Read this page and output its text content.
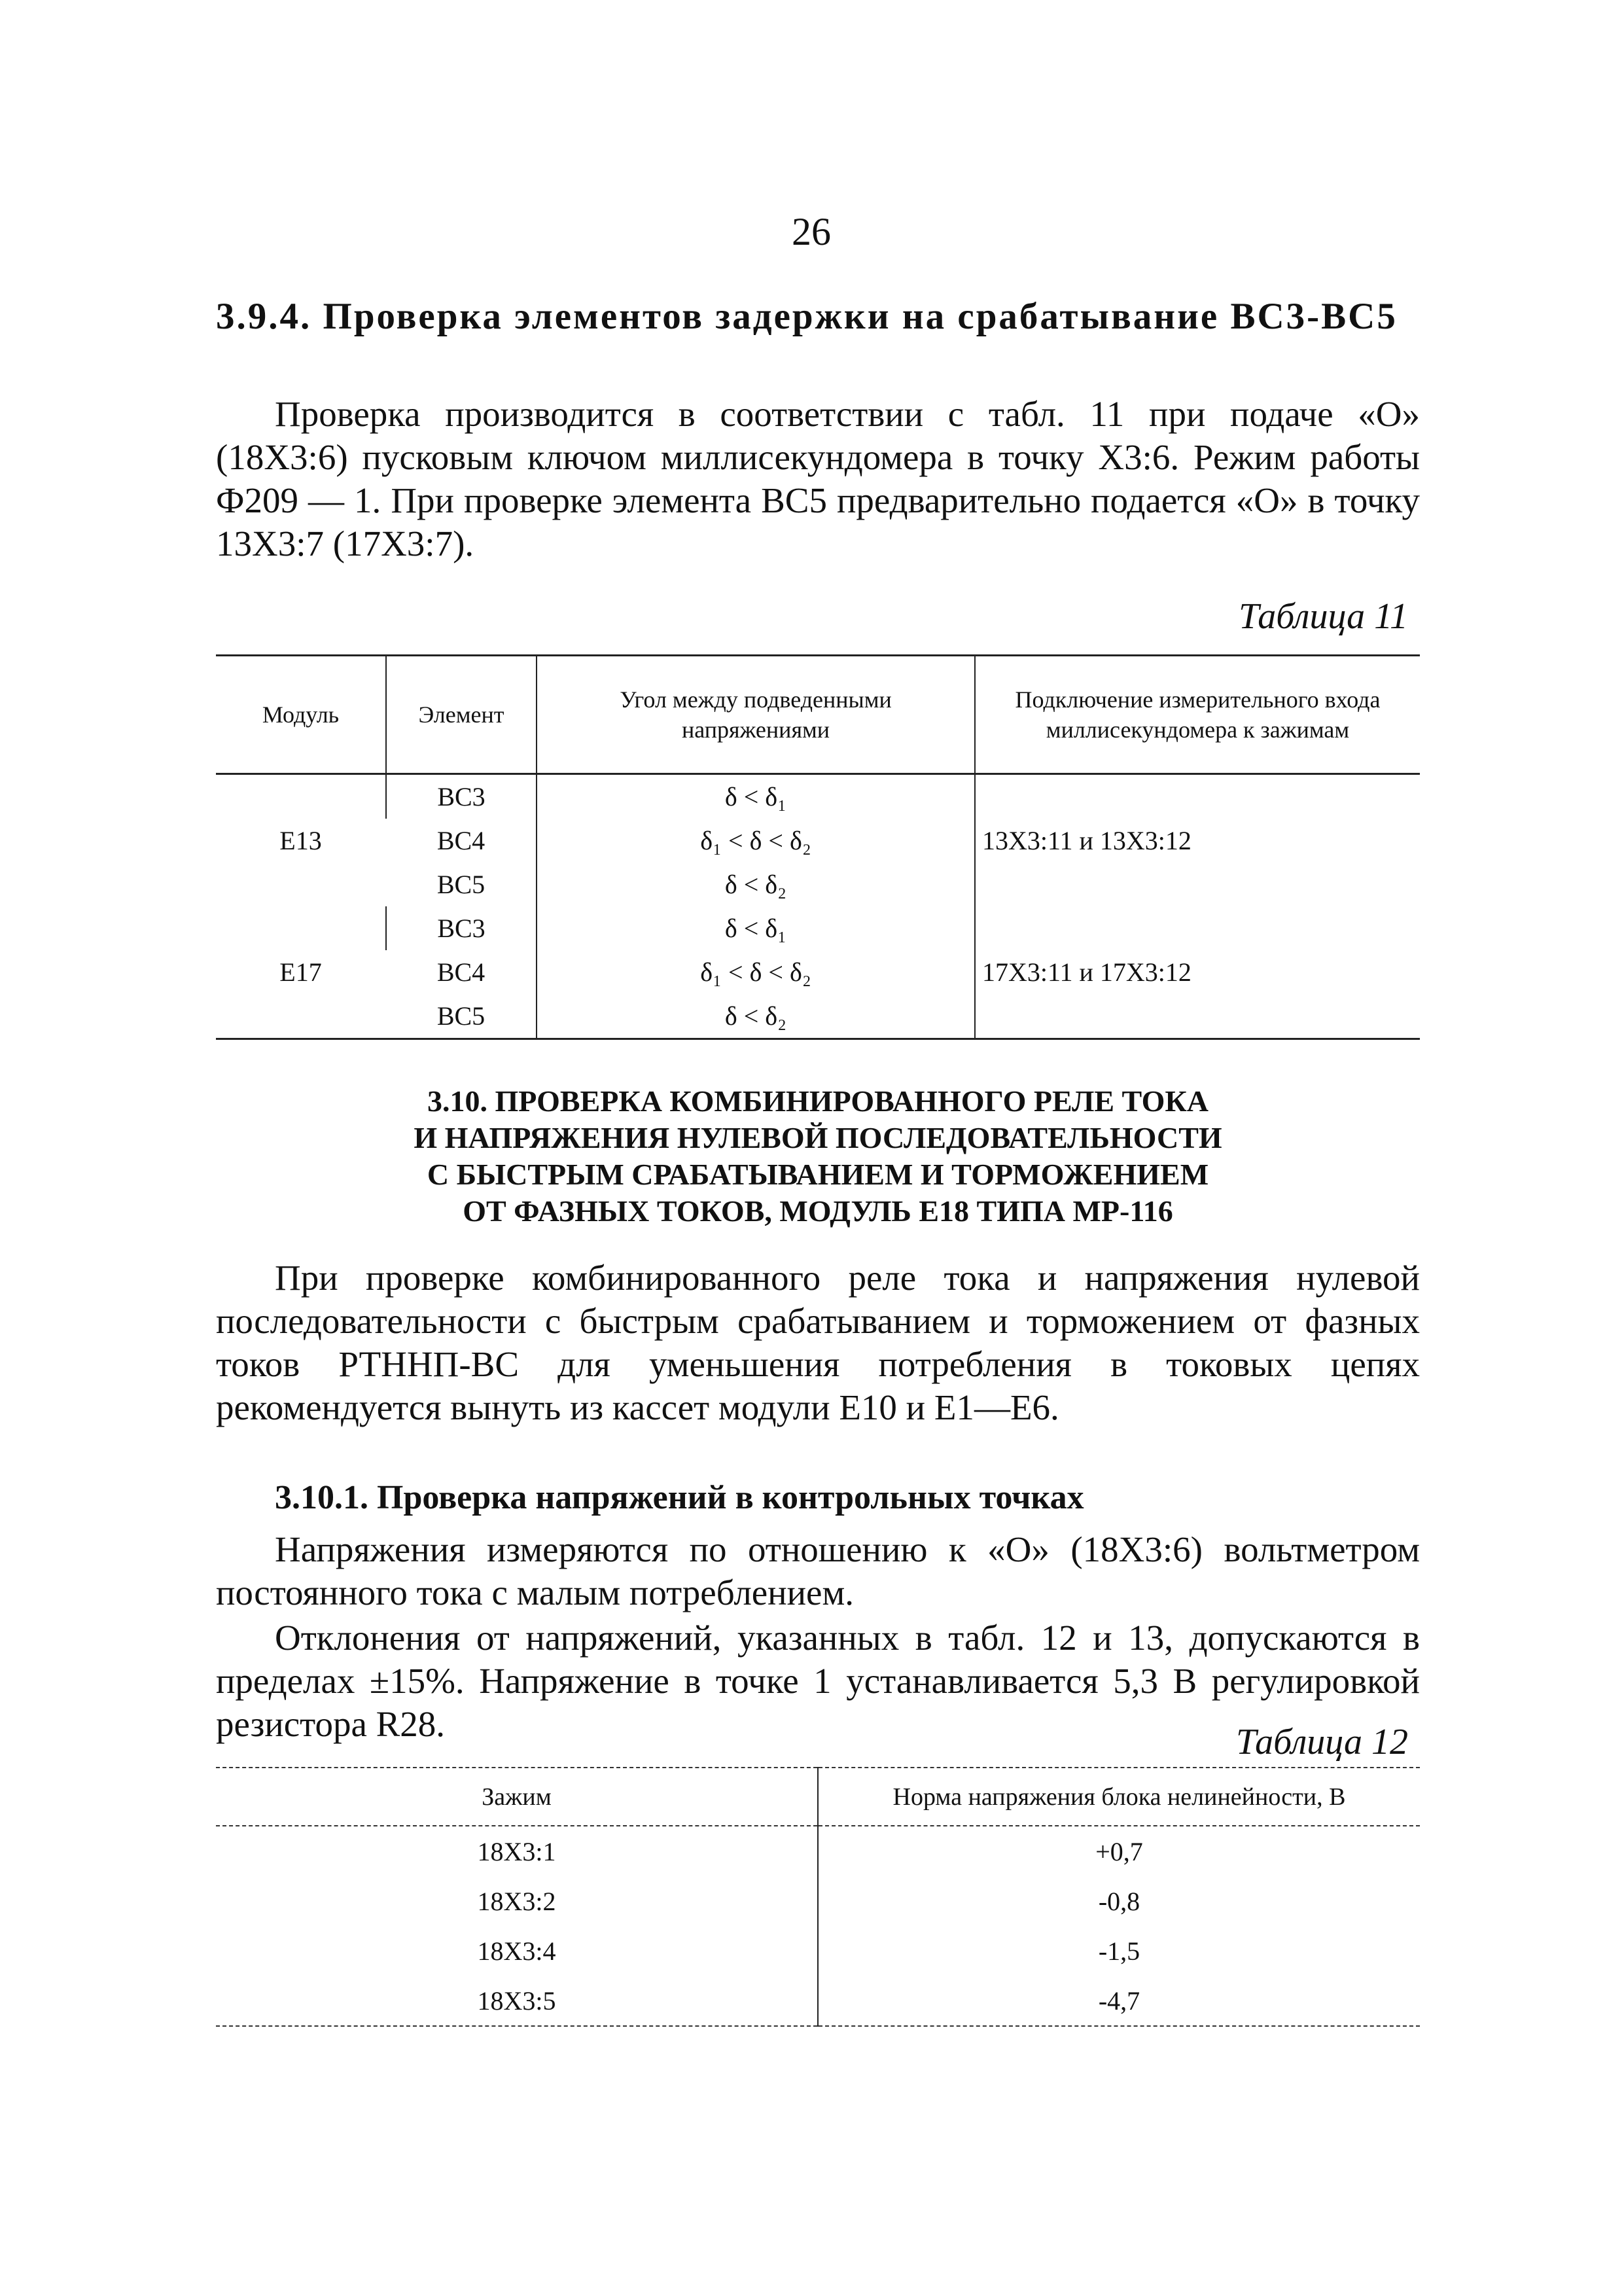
26
3.9.4. Проверка элементов задержки на срабатывание ВС3-ВС5

Проверка производится в соответствии с табл. 11 при подаче «О» (18Х3:6) пусковым ключом миллисекундомера в точку Х3:6. Режим работы Ф209 — 1. При проверке элемента ВС5 предварительно подается «О» в точку 13Х3:7 (17Х3:7).

Таблица 11
Модуль	Элемент	Угол между подведенными напряжениями	Подключение измерительного входа миллисекундомера к зажимам
Е13	ВС3	δ < δ₁	13Х3:11 и 13Х3:12
	ВС4	δ₁ < δ < δ₂	
	ВС5	δ < δ₂	
Е17	ВС3	δ < δ₁	17Х3:11 и 17Х3:12
	ВС4	δ₁ < δ < δ₂	
	ВС5	δ < δ₂	
3.10. ПРОВЕРКА КОМБИНИРОВАННОГО РЕЛЕ ТОКА
И НАПРЯЖЕНИЯ НУЛЕВОЙ ПОСЛЕДОВАТЕЛЬНОСТИ
С БЫСТРЫМ СРАБАТЫВАНИЕМ И ТОРМОЖЕНИЕМ
ОТ ФАЗНЫХ ТОКОВ, МОДУЛЬ Е18 ТИПА МР-116

При проверке комбинированного реле тока и напряжения нулевой последовательности с быстрым срабатыванием и торможением от фазных токов РТННП-ВС для уменьшения потребления в токовых цепях рекомендуется вынуть из кассет модули Е10 и Е1—Е6.

3.10.1. Проверка напряжений в контрольных точках

Напряжения измеряются по отношению к «О» (18Х3:6) вольтметром постоянного тока с малым потреблением.

Отклонения от напряжений, указанных в табл. 12 и 13, допускаются в пределах ±15%. Напряжение в точке 1 устанавливается 5,3 В регулировкой резистора R28.	Таблица 12
Зажим	Норма напряжения блока нелинейности, В
18Х3:1	+0,7
18Х3:2	-0,8
18Х3:4	-1,5
18Х3:5	-4,7
